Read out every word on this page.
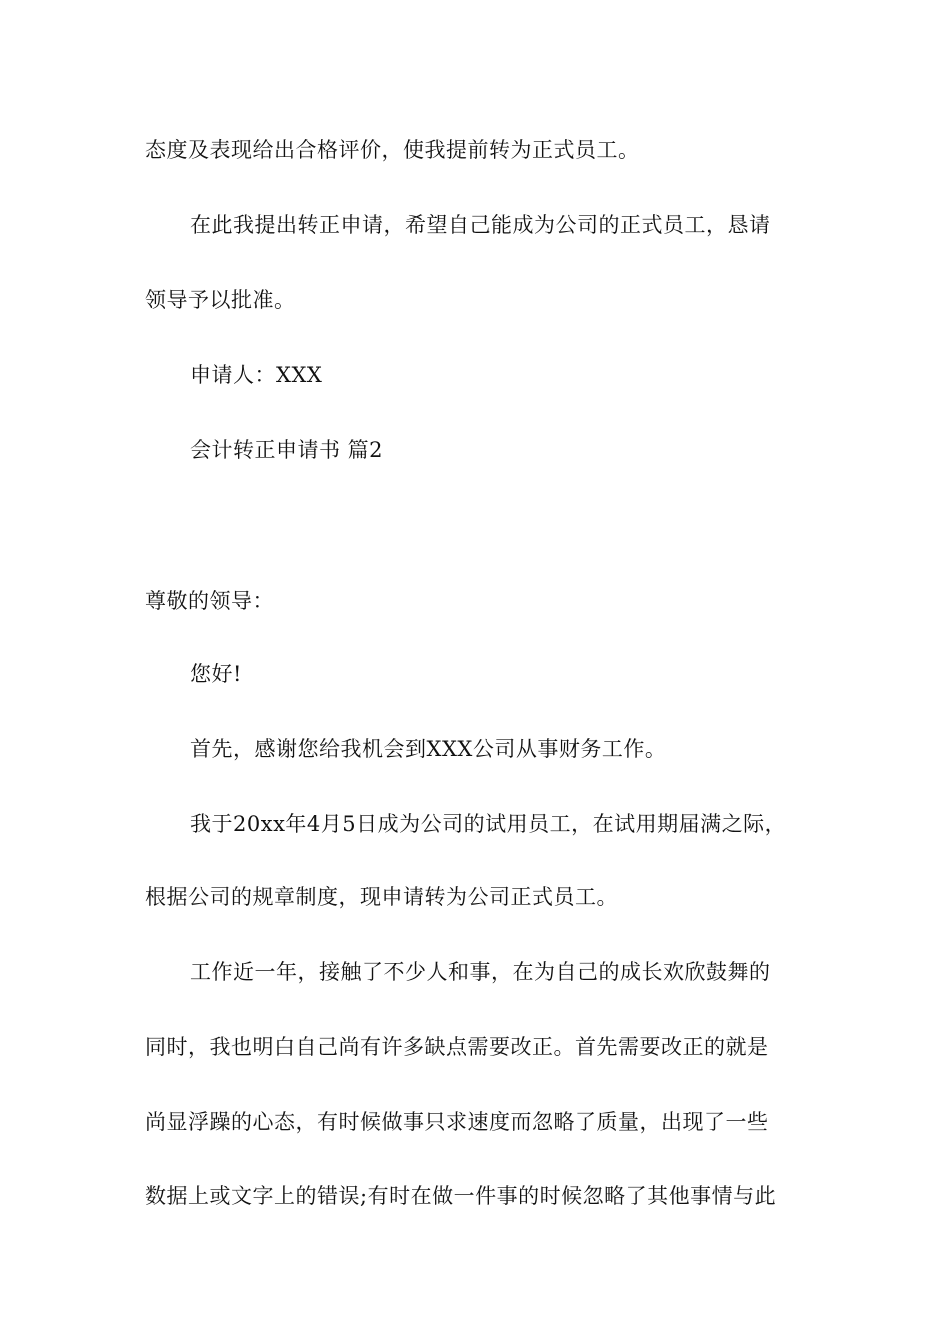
态度及表现给出合格评价，使我提前转为正式员工。
在此我提出转正申请，希望自己能成为公司的正式员工，恳请
领导予以批准。
申请人：XXX
会计转正申请书 篇2
尊敬的领导：
您好!
首先，感谢您给我机会到XXX公司从事财务工作。
我于20xx年4月5日成为公司的试用员工，在试用期届满之际，
根据公司的规章制度，现申请转为公司正式员工。
工作近一年，接触了不少人和事，在为自己的成长欢欣鼓舞的
同时，我也明白自己尚有许多缺点需要改正。首先需要改正的就是
尚显浮躁的心态，有时候做事只求速度而忽略了质量，出现了一些
数据上或文字上的错误;有时在做一件事的时候忽略了其他事情与此
